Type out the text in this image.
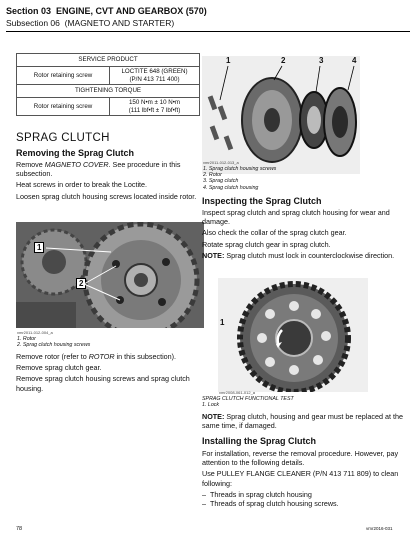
Section 03 ENGINE, CVT AND GEARBOX (570)
Subsection 06 (MAGNETO AND STARTER)
SERVICE PRODUCT	
Rotor retaining screw	LOCTITE 648 (GREEN)
(P/N 413 711 400)

TIGHTENING TORQUE	
Rotor retaining screw	150 N•m ± 10 N•m
(111 lbf•ft ± 7 lbf•ft)
SPRAG CLUTCH
Removing the Sprag Clutch

Remove MAGNETO COVER. See procedure in this subsection.

Heat screws in order to break the Loctite.

Loosen sprag clutch housing screws located inside rotor.

1
2
vmr2011-012-004_a
1. Rotor
2. Sprag clutch housing screws

Remove rotor (refer to ROTOR in this subsection).

Remove sprag clutch gear.

Remove sprag clutch housing screws and sprag clutch housing.

1	2	3	4
vmr2011-012-013_a
1. Sprag clutch housing screws
2. Rotor
3. Sprag clutch
4. Sprag clutch housing
Inspecting the Sprag Clutch

Inspect sprag clutch and sprag clutch housing for wear and damage.

Also check the collar of the sprag clutch gear.

Rotate sprag clutch gear in sprag clutch.

NOTE: Sprag clutch must lock in counterclockwise direction.

1
vmr2008-061-012_a
SPRAG CLUTCH FUNCTIONAL TEST
1. Lock

NOTE: Sprag clutch, housing and gear must be replaced at the same time, if damaged.

Installing the Sprag Clutch

For installation, reverse the removal procedure. However, pay attention to the following details.

Use PULLEY FLANGE CLEANER (P/N 413 711 809) to clean following:

– Threads in sprag clutch housing
– Threads of sprag clutch housing screws.
78	vmr2016-031
